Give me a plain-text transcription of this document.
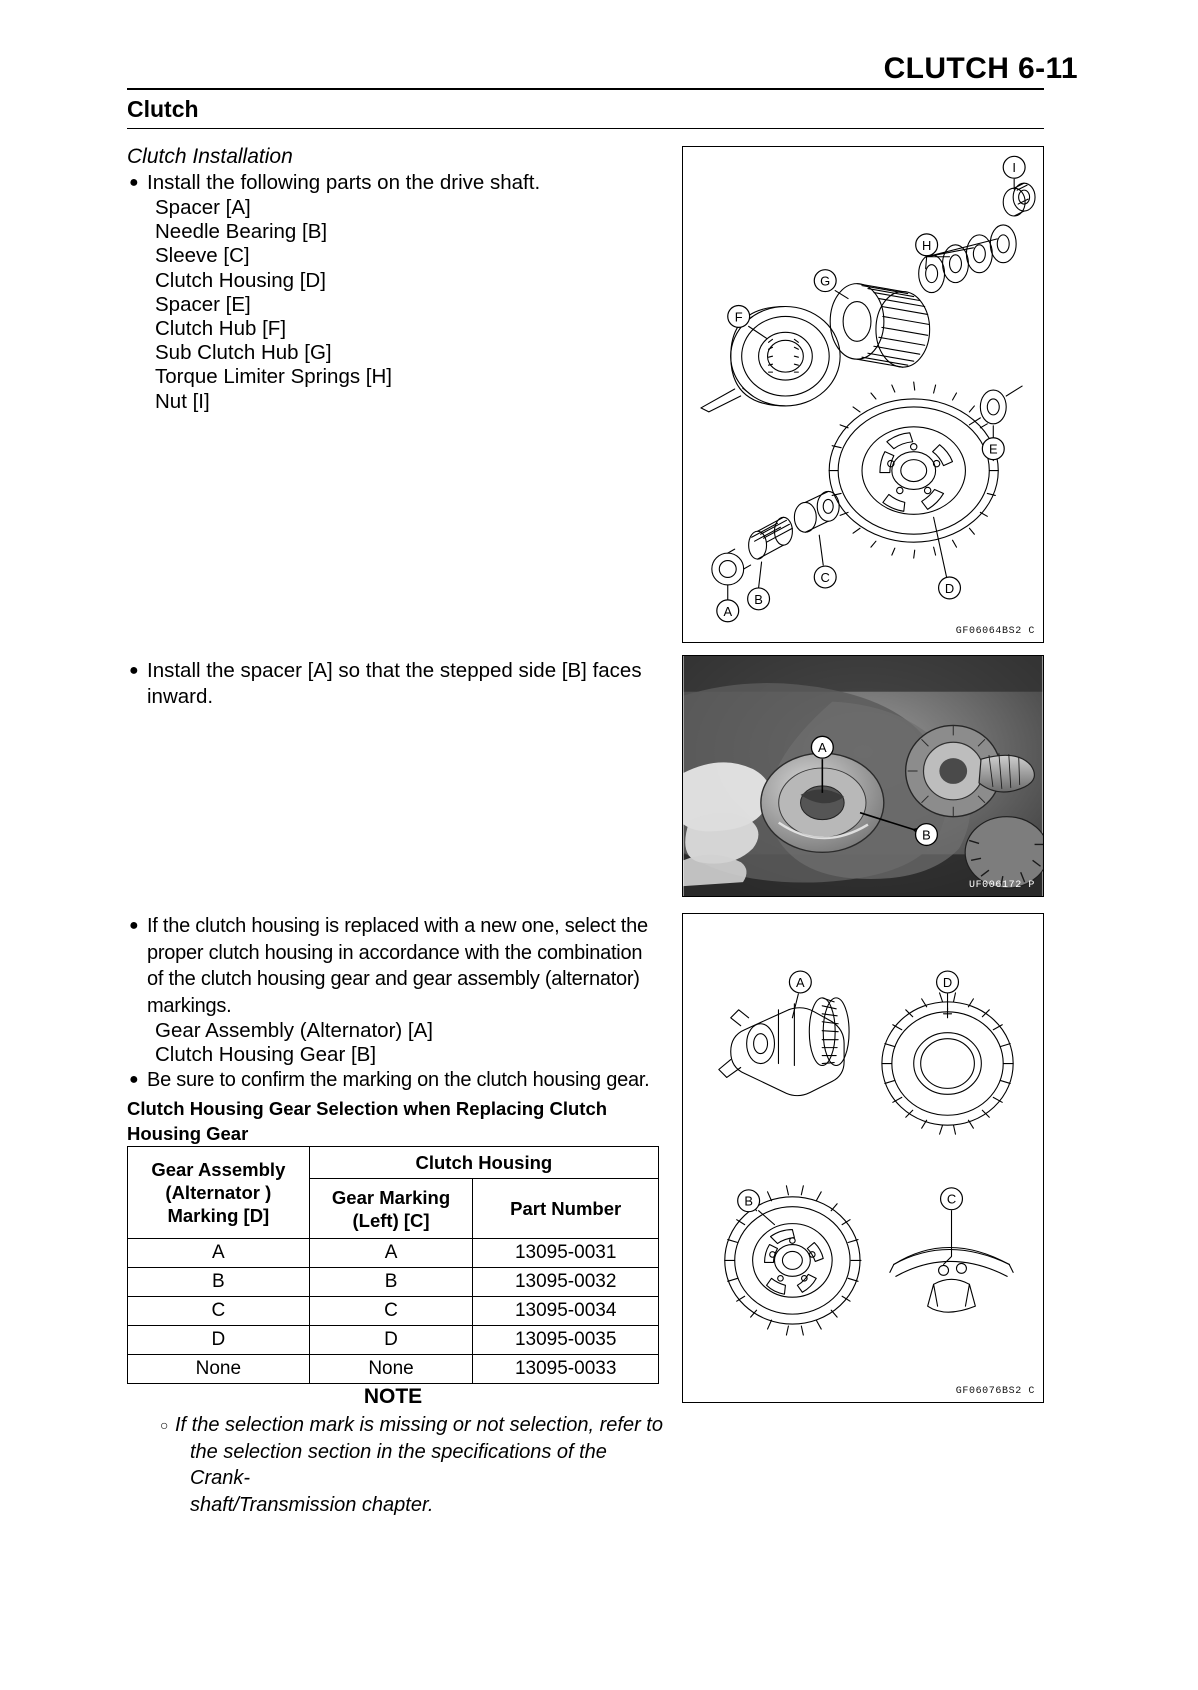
CLUTCH 6-11
Clutch
Clutch Installation
● Install the following parts on the drive shaft.
Spacer [A]
Needle Bearing [B]
Sleeve [C]
Clutch Housing [D]
Spacer [E]
Clutch Hub [F]
Sub Clutch Hub [G]
Torque Limiter Springs [H]
Nut [I]
● Install the spacer [A] so that the stepped side [B] faces
inward.
● If the clutch housing is replaced with a new one, select the
proper clutch housing in accordance with the combination
of the clutch housing gear and gear assembly (alternator)
markings.
Gear Assembly (Alternator) [A]
Clutch Housing Gear [B]
● Be sure to confirm the marking on the clutch housing gear.
Clutch Housing Gear Selection when Replacing Clutch
Housing Gear
Gear Assembly
(Alternator )
Marking [D]	Clutch Housing	

	Gear Marking
(Left) [C]	Part Number
A	A	13095-0031
B	B	13095-0032
C	C	13095-0034
D	D	13095-0035
None	None	13095-0033
NOTE
○ If the selection mark is missing or not selection, refer to
the selection section in the specifications of the Crank-
shaft/Transmission chapter.
A
B
C
D
E
F
G
H
I
GF06064BS2 C
A
B
UF006172 P
A	D
B	C
GF06076BS2 C
